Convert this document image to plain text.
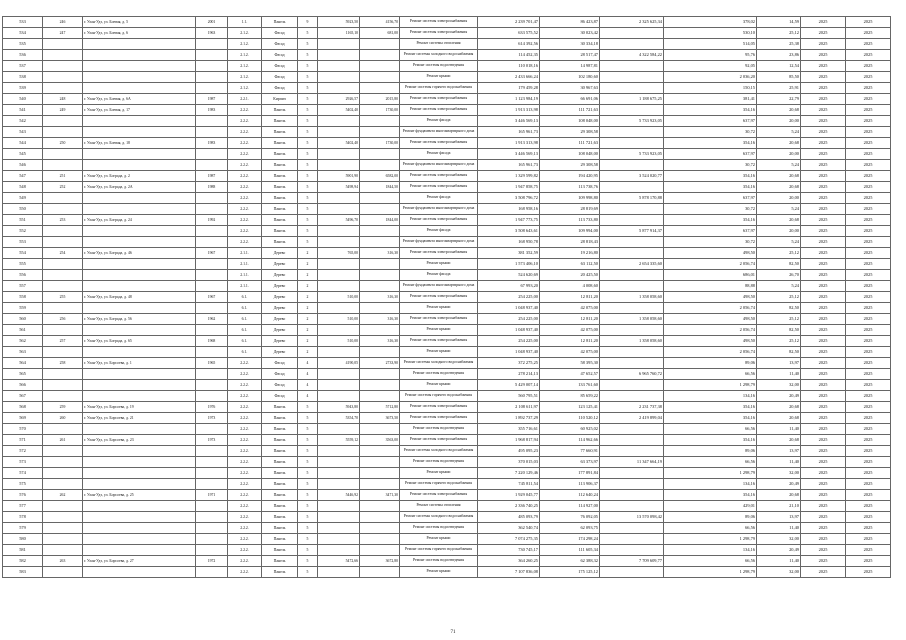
533	246	г. Улан-Удэ, ул. Боевая, д. 5	2001	1.1.	Панель	9	5923,50	4156,70	Ремонт системы электроснабжения	2 239 701,47	86 423,87	2 325 625,34	378,02	14,59	2025	2025
534	247	г. Улан-Удэ, ул. Боевая, д. 6	1963	2.1.2.	Фасад	5	1165,10	681,00	Ремонт системы электроснабжения	633 575,52	30 023,42		530,10	25,12	2025	2025
535				2.1.2.	Фасад	5			Ремонт системы отопления	614 392,56	30 334,18		514,05	25,38	2025	2025
536				2.1.2.	Фасад	5			Ремонт системы холодного водоснабжения	114 452,35	28 517,47	4 322 584,22	95,76	23,86	2025	2025
537				2.1.2.	Фасад	5			Ремонт системы водоотведения	110 018,16	14 987,81		92,05	12,54	2025	2025
538				2.1.2.	Фасад	5			Ремонт крыши	2 433 666,24	102 180,60		2 036,20	85,50	2025	2025
539				2.1.2.	Фасад	5			Ремонт системы горячего водоснабжения	179 459,28	30 967,63		150,15	25,91	2025	2025
540	248	г. Улан-Удэ, ул. Боевая, д. 6А	1987	2.2.1.	Кирпич	5	2926,57	2015,80	Ремонт системы электроснабжения	1 123 984,19	66 691,06	1 188 675,25	381,41	22,79	2025	2025
541	249	г. Улан-Удэ, ул. Боевая, д. 17	1983	2.2.2.	Панель	5	5402,40	1730,00	Ремонт системы электроснабжения	1 913 313,98	111 721,63		354,16	20,68	2025	2025
542				2.2.2.	Панель	5			Ремонт фасада	3 446 569,13	108 048,00	5 733 923,05	637,97	20,00	2025	2025
543				2.2.2.	Панель	5			Ремонт фундамента многоквартирного дома	165 961,73	29 308,58		30,72	5,24	2025	2025
544	250	г. Улан-Удэ, ул. Боевая, д. 18	1983	2.2.2.	Панель	5	5402,40	1730,00	Ремонт системы электроснабжения	1 913 313,98	111 721,63		354,16	20,68	2025	2025
545				2.2.2.	Панель	5			Ремонт фасада	3 446 569,13	108 048,00	5 733 923,05	637,97	20,00	2025	2025
546				2.2.2.	Панель	5			Ремонт фундамента многоквартирного дома	165 961,73	29 308,58		30,72	5,24	2025	2025
547	251	г. Улан-Удэ, ул. Бограда, д. 2	1987	2.2.2.	Панель	5	5901,90	6582,00	Ремонт системы электроснабжения	1 329 599,82	194 420,95	3 524 020,77	354,16	20,68	2025	2025
548	252	г. Улан-Удэ, ул. Бограда, д. 2А	1988	2.2.2.	Панель	5	5498,94	1844,50	Ремонт системы электроснабжения	1 947 858,75	113 738,76		354,16	20,68	2025	2025
549				2.2.2.	Панель	5			Ремонт фасада	3 508 796,72	109 998,80	5 878 170,88	637,97	20,00	2025	2025
550				2.2.2.	Панель	5			Ремонт фундамента многоквартирного дома	168 958,16	28 819,69		30,72	5,24	2025	2025
551	253	г. Улан-Удэ, ул. Бограда, д. 24	1992	2.2.2.	Панель	5	5496,70	1844,00	Ремонт системы электроснабжения	1 947 773,75	113 733,80		354,16	20,68	2025	2025
552				2.2.2.	Панель	5			Ремонт фасада	3 508 643,61	109 994,00	5 877 914,37	637,97	20,00	2025	2025
553				2.2.2.	Панель	5			Ремонт фундамента многоквартирного дома	168 950,78	28 818,43		30,72	5,24	2025	2025
554	254	г. Улан-Удэ, ул. Бограда, д. 46	1967	2.1.1.	Дерево	2	765,00	316,30	Ремонт системы электроснабжения	381 352,59	19 216,80		498,50	25,12	2025	2025
555				2.1.1.	Дерево	2			Ремонт крыши	1 573 406,10	63 112,50	2 654 335,60	2 056,74	82,50	2025	2025
556				2.1.1.	Дерево	2			Ремонт фасада	524 620,69	20 425,50		686,01	26,70	2025	2025
557				2.1.1.	Дерево	2			Ремонт фундамента многоквартирного дома	67 993,20	4 008,60		88,88	5,24	2025	2025
558	255	г. Улан-Удэ, ул. Бограда, д. 48	1967	6.1.	Дерево	2	510,00	316,30	Ремонт системы электроснабжения	254 225,00	12 811,20	1 358 058,60	498,50	25,12	2025	2025
559				6.1.	Дерево	2			Ремонт крыши	1 048 937,40	42 075,00		2 056,74	82,50	2025	2025
560	256	г. Улан-Удэ, ул. Бограда, д. 56	1962	6.1.	Дерево	2	510,00	316,30	Ремонт системы электроснабжения	254 225,00	12 811,20	1 358 058,60	498,50	25,12	2025	2025
561				6.1.	Дерево	2			Ремонт крыши	1 048 937,40	42 075,00		2 056,74	82,50	2025	2025
562	257	г. Улан-Удэ, ул. Бограда, д. 65	1968	6.1.	Дерево	2	510,00	316,30	Ремонт системы электроснабжения	254 225,00	12 811,20	1 358 058,60	498,50	25,12	2025	2025
563				6.1.	Дерево	2			Ремонт крыши	1 048 937,40	42 075,00		2 056,74	82,50	2025	2025
564	258	г. Улан-Удэ, ул. Борсоева, д. 1	1965	2.2.2.	Фасад	4	4190,05	2733,90	Ремонт системы холодного водоснабжения	372 275,25	58 395,30		89,06	13,97	2025	2025
565				2.2.2.	Фасад	4			Ремонт системы водоотведения	278 214,13	47 652,57	6 965 760,72	66,56	11,40	2025	2025
566				2.2.2.	Фасад	4			Ремонт крыши	5 429 007,14	133 761,60		1 298,79	32,00	2025	2025
567				2.2.2.	Фасад	4			Ремонт системы горячего водоснабжения	560 795,51	85 659,22		134,16	20,49	2025	2025
568	259	г. Улан-Удэ, ул. Борсоева, д. 19	1976	2.2.2.	Панель	5	5943,80	5712,80	Ремонт системы электроснабжения	2 108 611,97	123 125,41	2 231 737,38	354,16	20,68	2025	2025
569	260	г. Улан-Удэ, ул. Борсоева, д. 21	1973	2.2.2.	Панель	5	5354,70	3673,50	Ремонт системы электроснабжения	1 892 737,29	110 520,12	2 419 899,04	354,16	20,68	2025	2025
570				2.2.2.	Панель	5			Ремонт системы водоотведения	355 716,61	60 925,02		66,56	11,40	2025	2025
571	261	г. Улан-Удэ, ул. Борсоева, д. 23	1973	2.2.2.	Панель	5	5559,12	3563,00	Ремонт системы электроснабжения	1 968 817,94	114 962,66		354,16	20,68	2025	2025
572				2.2.2.	Панель	5			Ремонт системы холодного водоснабжения	495 095,23	77 660,91		89,06	13,97	2025	2025
573				2.2.2.	Панель	5			Ремонт системы водоотведения	370 015,03	63 373,97	11 347 664,19	66,56	11,40	2025	2025
574				2.2.2.	Панель	5			Ремонт крыши	7 220 129,46	177 891,84		1 298,79	32,00	2025	2025
575				2.2.2.	Панель	5			Ремонт системы горячего водоснабжения	745 811,54	113 906,37		134,16	20,49	2025	2025
576	262	г. Улан-Удэ, ул. Борсоева, д. 25	1971	2.2.2.	Панель	5	5446,92	3471,30	Ремонт системы электроснабжения	1 929 045,77	112 640,24		354,16	20,68	2025	2025
577				2.2.2.	Панель	5			Ремонт системы отопления	2 336 740,25	114 927,00		429,01	21,10	2025	2025
578				2.2.2.	Панель	5			Ремонт системы холодного водоснабжения	485 093,79	76 092,05	13 570 098,42	89,06	13,97	2025	2025
579				2.2.2.	Панель	5			Ремонт системы водоотведения	362 540,74	62 093,75		66,56	11,40	2025	2025
580				2.2.2.	Панель	5			Ремонт крыши	7 074 275,35	174 298,24		1 298,79	32,00	2025	2025
581				2.2.2.	Панель	5			Ремонт системы горячего водоснабжения	730 745,17	111 605,34		134,16	20,49	2025	2025
582	263	г. Улан-Удэ, ул. Борсоева, д. 27	1972	2.2.2.	Панель	5	5472,66	3672,80	Ремонт системы водоотведения	364 260,25	62 388,32	7 709 609,77	66,56	11,40	2025	2025
583				2.2.2.	Панель	5			Ремонт крыши	7 107 836,08	175 125,12		1 298,79	32,00	2025	2025
71
